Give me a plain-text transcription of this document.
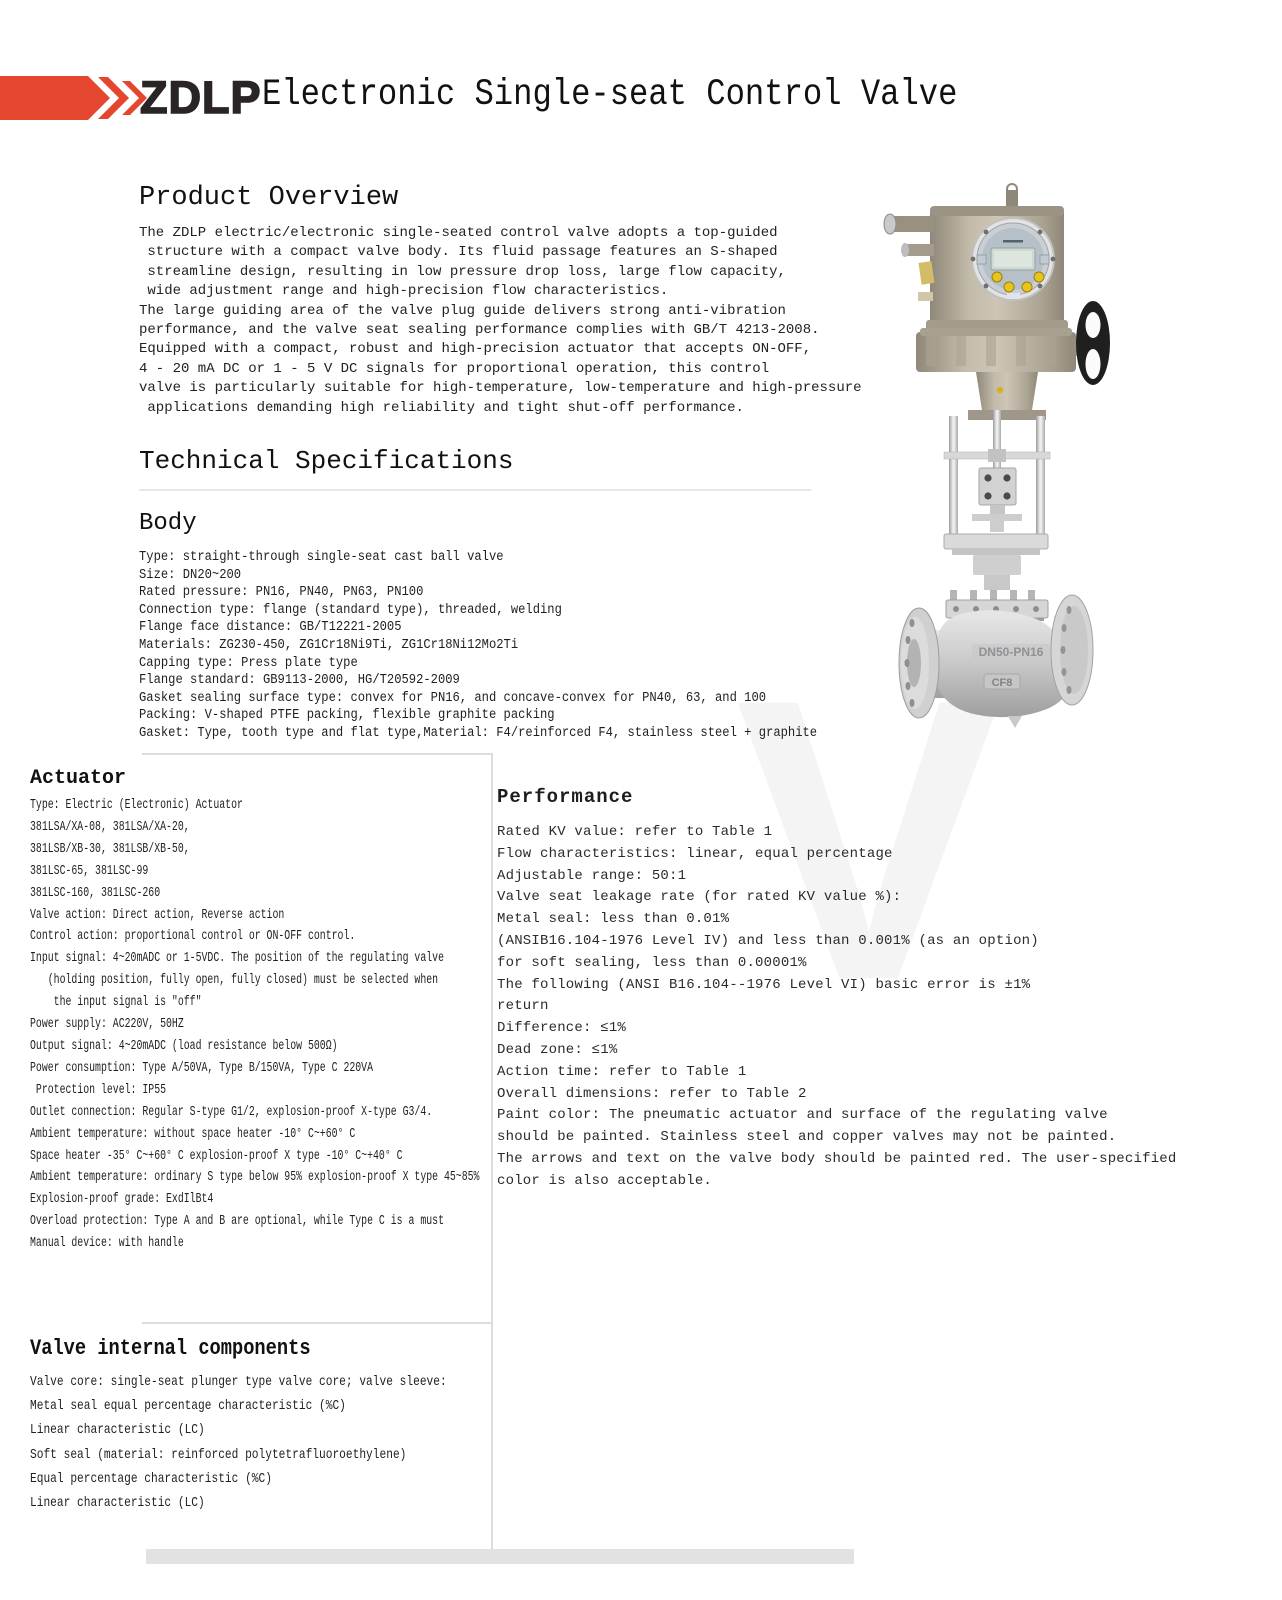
ZDLP Electronic Single-seat Control Valve
Product Overview
The ZDLP electric/electronic single-seated control valve adopts a top-guided
structure with a compact valve body. Its fluid passage features an S-shaped
streamline design, resulting in low pressure drop loss, large flow capacity,
wide adjustment range and high-precision flow characteristics.
The large guiding area of the valve plug guide delivers strong anti-vibration
performance, and the valve seat sealing performance complies with GB/T 4213-2008.
Equipped with a compact, robust and high-precision actuator that accepts ON-OFF,
4 - 20 mA DC or 1 - 5 V DC signals for proportional operation, this control
valve is particularly suitable for high-temperature, low-temperature and high-pressure
applications demanding high reliability and tight shut-off performance.
Technical Specifications
Body
Type: straight-through single-seat cast ball valve
Size: DN20~200
Rated pressure: PN16, PN40, PN63, PN100
Connection type: flange (standard type), threaded, welding
Flange face distance: GB/T12221-2005
Materials: ZG230-450, ZG1Cr18Ni9Ti, ZG1Cr18Ni12Mo2Ti
Capping type: Press plate type
Flange standard: GB9113-2000, HG/T20592-2009
Gasket sealing surface type: convex for PN16, and concave-convex for PN40, 63, and 100
Packing: V-shaped PTFE packing, flexible graphite packing
Gasket: Type, tooth type and flat type,Material: F4/reinforced F4, stainless steel + graphite
Actuator
Type: Electric (Electronic) Actuator
381LSA/XA-08, 381LSA/XA-20,
381LSB/XB-30, 381LSB/XB-50,
381LSC-65, 381LSC-99
381LSC-160, 381LSC-260
Valve action: Direct action, Reverse action
Control action: proportional control or ON-OFF control.
Input signal: 4~20mADC or 1-5VDC. The position of the regulating valve
(holding position, fully open, fully closed) must be selected when
the input signal is "off"
Power supply: AC220V, 50HZ
Output signal: 4~20mADC (load resistance below 500Ω)
Power consumption: Type A/50VA, Type B/150VA, Type C 220VA
Protection level: IP55
Outlet connection: Regular S-type G1/2, explosion-proof X-type G3/4.
Ambient temperature: without space heater -10° C~+60° C
Space heater -35° C~+60° C explosion-proof X type -10° C~+40° C
Ambient temperature: ordinary S type below 95% explosion-proof X type 45~85%
Explosion-proof grade: ExdIlBt4
Overload protection: Type A and B are optional, while Type C is a must
Manual device: with handle
Performance
Rated KV value: refer to Table 1
Flow characteristics: linear, equal percentage
Adjustable range: 50:1
Valve seat leakage rate (for rated KV value %):
Metal seal: less than 0.01%
(ANSIB16.104-1976 Level IV) and less than 0.001% (as an option)
for soft sealing, less than 0.00001%
The following (ANSI B16.104--1976 Level VI) basic error is ±1%
return
Difference: ≤1%
Dead zone: ≤1%
Action time: refer to Table 1
Overall dimensions: refer to Table 2
Paint color: The pneumatic actuator and surface of the regulating valve
should be painted. Stainless steel and copper valves may not be painted.
The arrows and text on the valve body should be painted red. The user-specified
color is also acceptable.
Valve internal components
Valve core: single-seat plunger type valve core; valve sleeve:
Metal seal equal percentage characteristic (%C)
Linear characteristic (LC)
Soft seal (material: reinforced polytetrafluoroethylene)
Equal percentage characteristic (%C)
Linear characteristic (LC)
DN50-PN16
CF8
